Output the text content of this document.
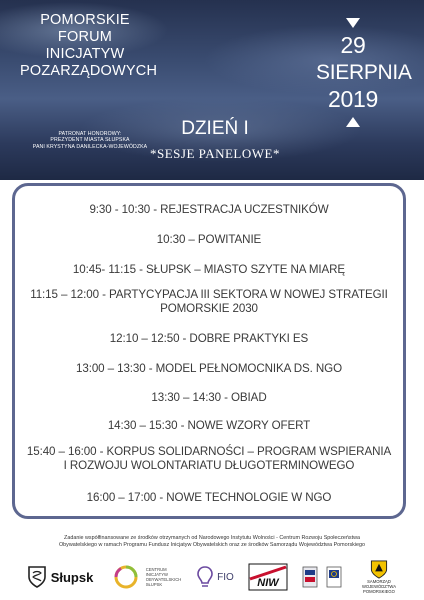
POMORSKIE
FORUM
INICJATYW
POZARZĄDOWYCH
PATRONAT HONOROWY:
PREZYDENT MIASTA SŁUPSKA
PANI KRYSTYNA DANILECKA-WOJEWÓDZKA
29
SIERPNIA
2019
DZIEŃ I
*SESJE PANELOWE*
9:30 - 10:30 - REJESTRACJA UCZESTNIKÓW
10:30 – POWITANIE
10:45- 11:15 - SŁUPSK – MIASTO SZYTE NA MIARĘ
11:15 – 12:00 - PARTYCYPACJA III SEKTORA W NOWEJ STRATEGII
POMORSKIE 2030
12:10 – 12:50 - DOBRE PRAKTYKI ES
13:00 – 13:30 - MODEL PEŁNOMOCNIKA DS. NGO
13:30 – 14:30 - OBIAD
14:30 – 15:30 - NOWE WZORY OFERT
15:40 – 16:00 - KORPUS SOLIDARNOŚCI – PROGRAM WSPIERANIA
I ROZWOJU WOLONTARIATU DŁUGOTERMINOWEGO
16:00 – 17:00 - NOWE TECHNOLOGIE W NGO
Zadanie współfinansowane ze środków otrzymanych od Narodowego Instytutu Wolności - Centrum Rozwoju Społeczeństwa
Obywatelskiego w ramach Programu Fundusz Inicjatyw Obywatelskich oraz ze środków Samorządu Województwa Pomorskiego
Słupsk	CENTRUM
INICJATYW
OBYWATELSKICH
SŁUPSK
FIO NIW	SAMORZĄD
WOJEWÓDZTWA POMORSKIEGO
